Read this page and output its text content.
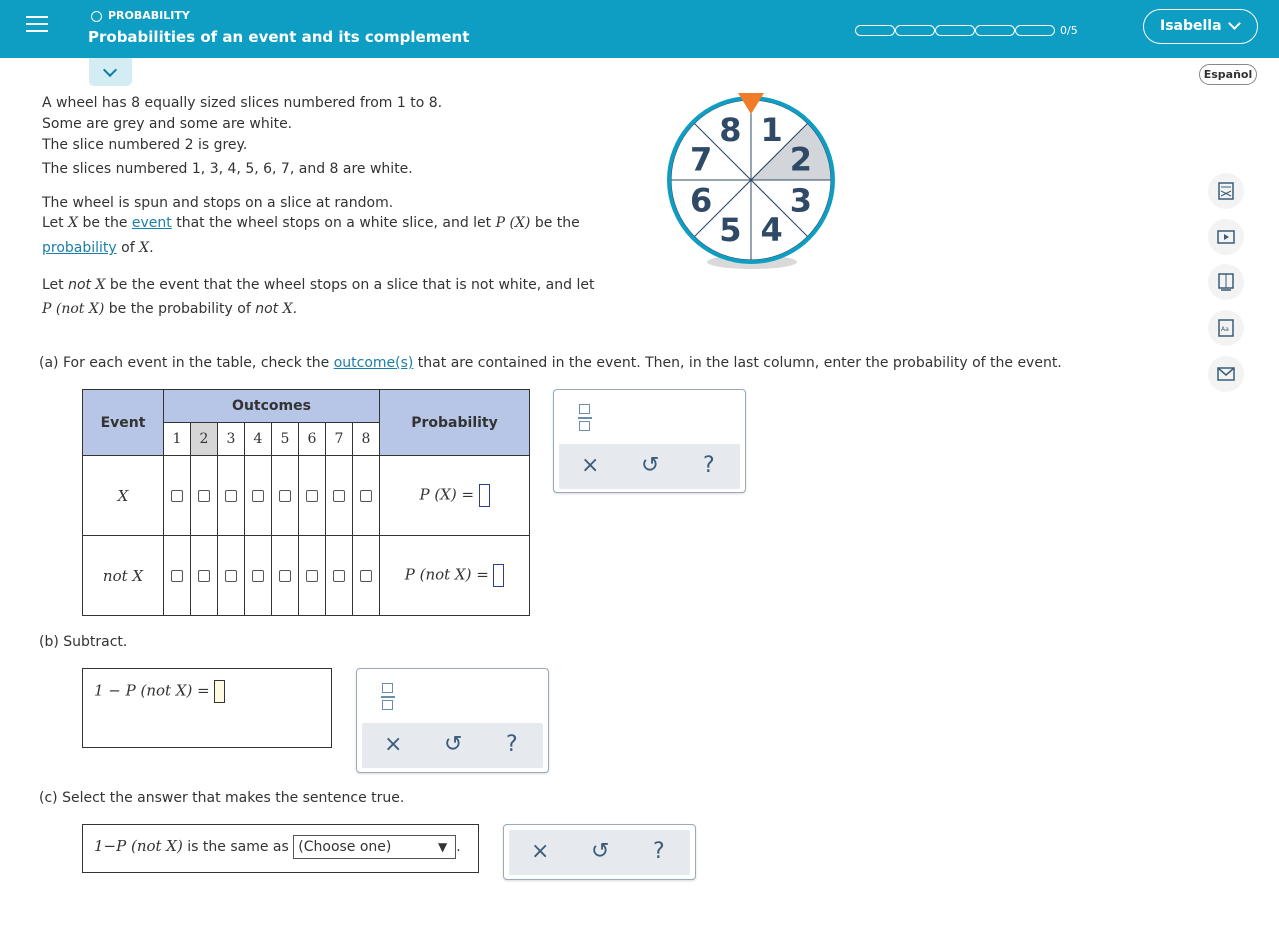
PROBABILITY
Probabilities of an event and its complement	0/5	Isabella
Español
Aa
A wheel has 8 equally sized slices numbered from 1 to 8.
Some are grey and some are white.
The slice numbered 2 is grey.
The slices numbered 1, 3, 4, 5, 6, 7, and 8 are white.
The wheel is spun and stops on a slice at random.
Let X be the event that the wheel stops on a white slice, and let P (X) be the
probability of X.
Let not X be the event that the wheel stops on a slice that is not white, and let
P (not X) be the probability of not X.
1
2
3
4
5
6
7
8
(a) For each event in the table, check the outcome(s) that are contained in the event. Then, in the last column, enter the probability of the event.
Event	Outcomes								Probability
	1	2	3	4	5	6	7	8	
X									P (X) =
not X									P (not X) =
× ↺ ?
(b) Subtract.
1 − P (not X) =
× ↺ ?
(c) Select the answer that makes the sentence true.
1−P (not X) is the same as (Choose one)	▼ .	× ↺ ?
